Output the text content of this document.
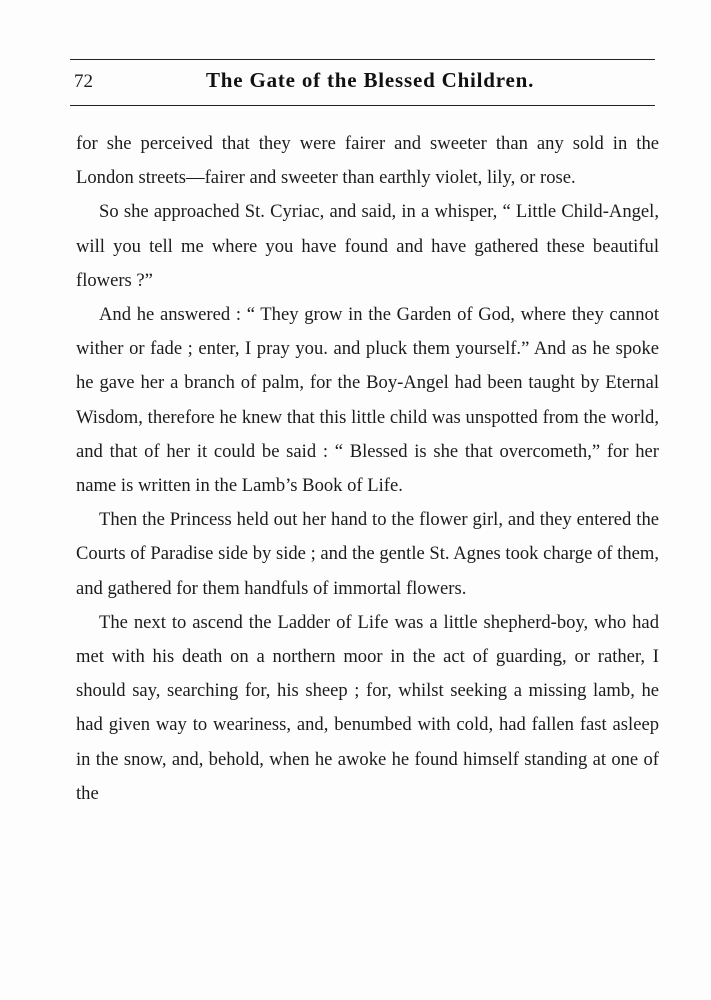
72	The Gate of the Blessed Children.

for she perceived that they were fairer and sweeter than any sold in the London streets—fairer and sweeter than earthly violet, lily, or rose.

So she approached St. Cyriac, and said, in a whisper, “ Little Child-Angel, will you tell me where you have found and have gathered these beautiful flowers ?”

And he answered : “ They grow in the Garden of God, where they cannot wither or fade ; enter, I pray you. and pluck them yourself.” And as he spoke he gave her a branch of palm, for the Boy-Angel had been taught by Eternal Wisdom, therefore he knew that this little child was unspotted from the world, and that of her it could be said : “ Blessed is she that overcometh,” for her name is written in the Lamb’s Book of Life.

Then the Princess held out her hand to the flower girl, and they entered the Courts of Paradise side by side ; and the gentle St. Agnes took charge of them, and gathered for them handfuls of immortal flowers.

The next to ascend the Ladder of Life was a little shepherd-boy, who had met with his death on a northern moor in the act of guarding, or rather, I should say, searching for, his sheep ; for, whilst seeking a missing lamb, he had given way to weariness, and, benumbed with cold, had fallen fast asleep in the snow, and, behold, when he awoke he found himself standing at one of the
